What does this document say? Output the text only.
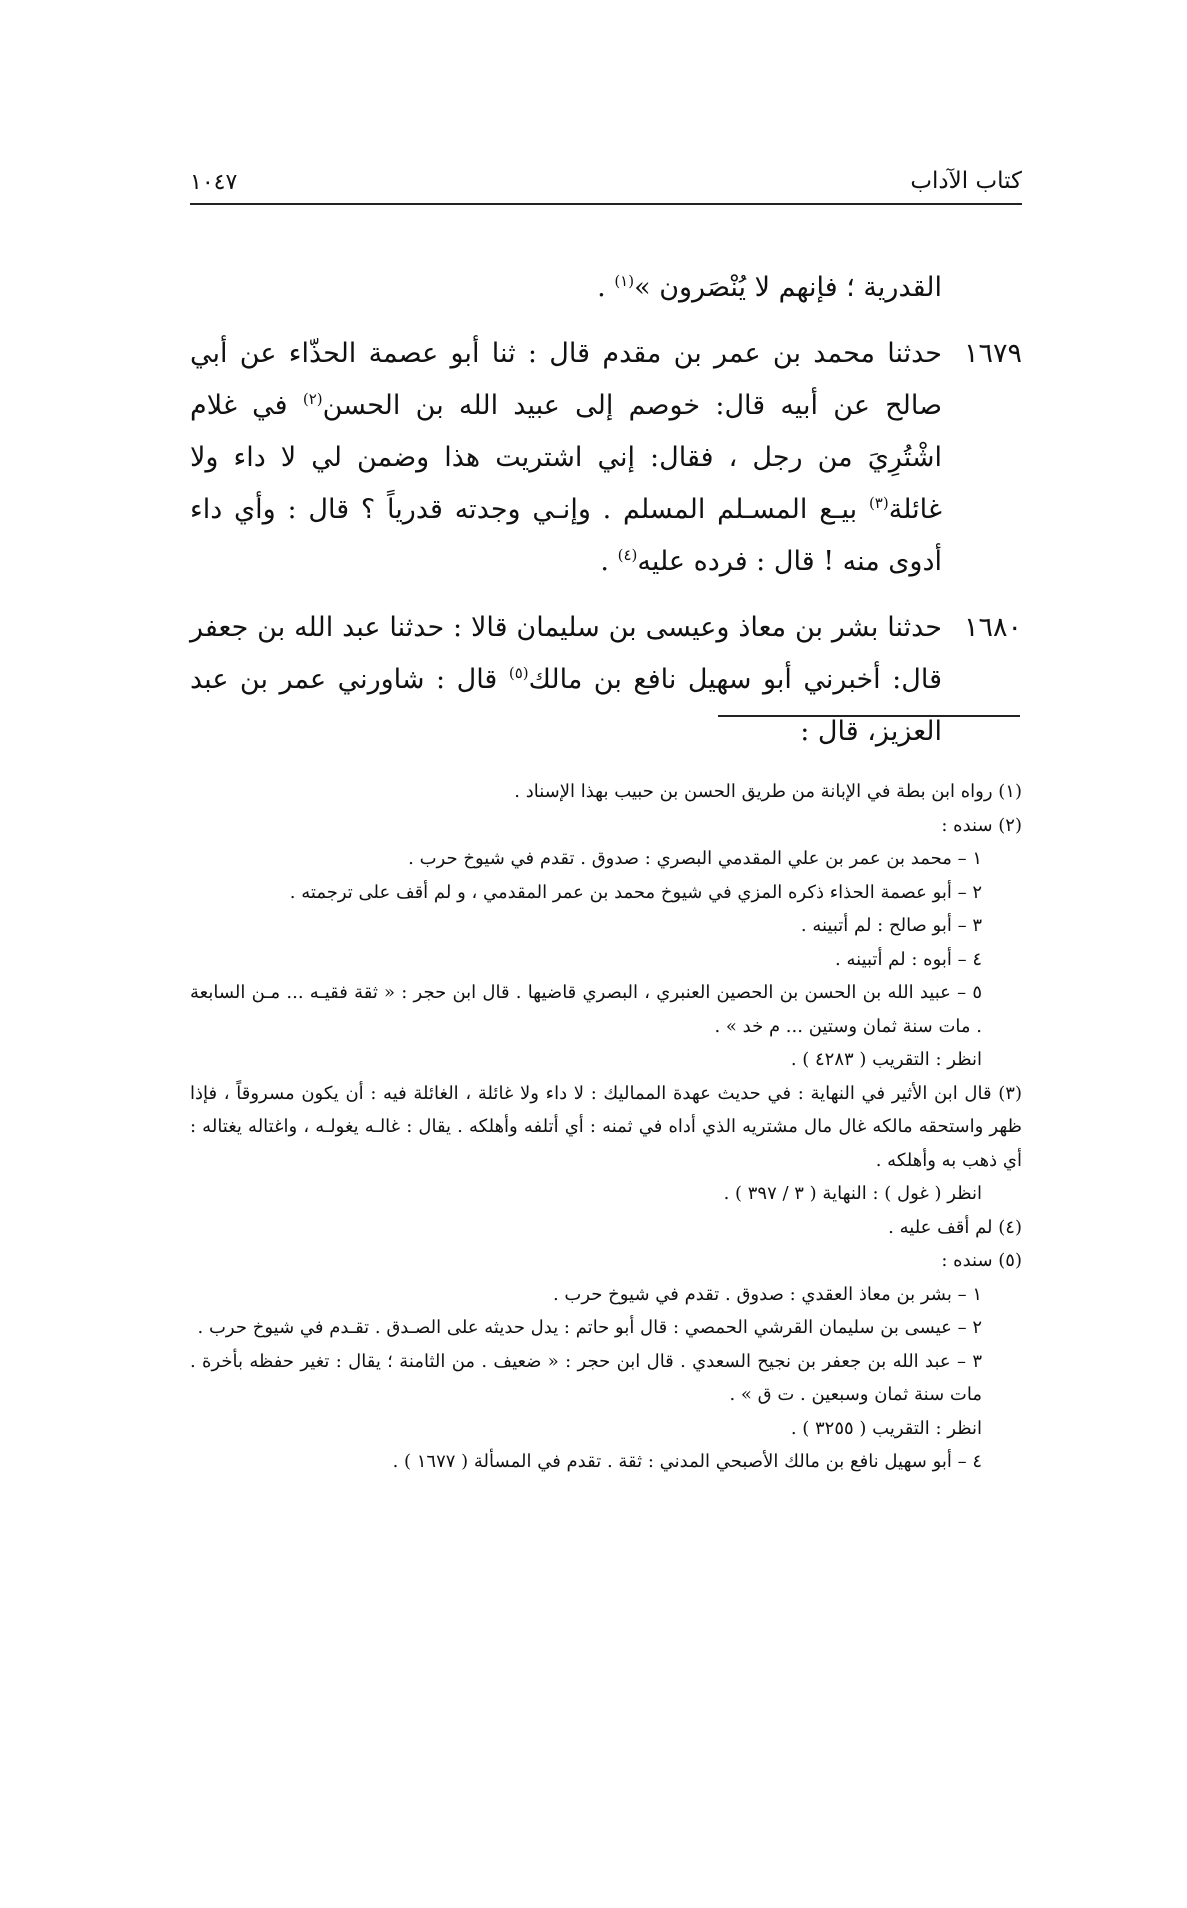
كتاب الآداب
١٠٤٧

القدرية ؛ فإنهم لا يُنْصَرون »$^{(١)}$ .

١٦٧٩
حدثنا محمد بن عمر بن مقدم قال : ثنا أبو عصمة الحذّاء عن أبي صالح عن أبيه قال: خوصم إلى عبيد الله بن الحسن$^{(٢)}$ في غلام اشْتُرِيَ من رجل ، فقال: إني اشتريت هذا وضمن لي لا داء ولا غائلة$^{(٣)}$ بيـع المسـلم المسلم . وإنـي وجدته قدرياً ؟ قال : وأي داء أدوى منه ! قال : فرده عليه$^{(٤)}$ .

١٦٨٠
حدثنا بشر بن معاذ وعيسى بن سليمان قالا : حدثنا عبد الله بن جعفر قال: أخبرني أبو سهيل نافع بن مالك$^{(٥)}$ قال : شاورني عمر بن عبد العزيز، قال :

(١) رواه ابن بطة في الإبانة من طريق الحسن بن حبيب بهذا الإسناد .

(٢) سنده :

١ – محمد بن عمر بن علي المقدمي البصري : صدوق . تقدم في شيوخ حرب .

٢ – أبو عصمة الحذاء ذكره المزي في شيوخ محمد بن عمر المقدمي ، و لم أقف على ترجمته .

٣ – أبو صالح : لم أتبينه .

٤ – أبوه : لم أتبينه .

٥ – عبيد الله بن الحسن بن الحصين العنبري ، البصري قاضيها . قال ابن حجر : « ثقة فقيـه ... مـن السابعة . مات سنة ثمان وستين ... م خد » .

انظر : التقريب ( ٤٢٨٣ ) .

(٣) قال ابن الأثير في النهاية : في حديث عهدة المماليك : لا داء ولا غائلة ، الغائلة فيه : أن يكون مسروقاً ، فإذا ظهر واستحقه مالكه غال مال مشتريه الذي أداه في ثمنه : أي أتلفه وأهلكه . يقال : غالـه يغولـه ، واغتاله يغتاله : أي ذهب به وأهلكه .

انظر ( غول ) : النهاية ( ٣ / ٣٩٧ ) .

(٤) لم أقف عليه .

(٥) سنده :

١ – بشر بن معاذ العقدي : صدوق . تقدم في شيوخ حرب .

٢ – عيسى بن سليمان القرشي الحمصي : قال أبو حاتم : يدل حديثه على الصـدق . تقـدم في شيوخ حرب .

٣ – عبد الله بن جعفر بن نجيح السعدي . قال ابن حجر : « ضعيف . من الثامنة ؛ يقال : تغير حفظه بأخرة . مات سنة ثمان وسبعين . ت ق » .

انظر : التقريب ( ٣٢٥٥ ) .

٤ – أبو سهيل نافع بن مالك الأصبحي المدني : ثقة . تقدم في المسألة ( ١٦٧٧ ) .
